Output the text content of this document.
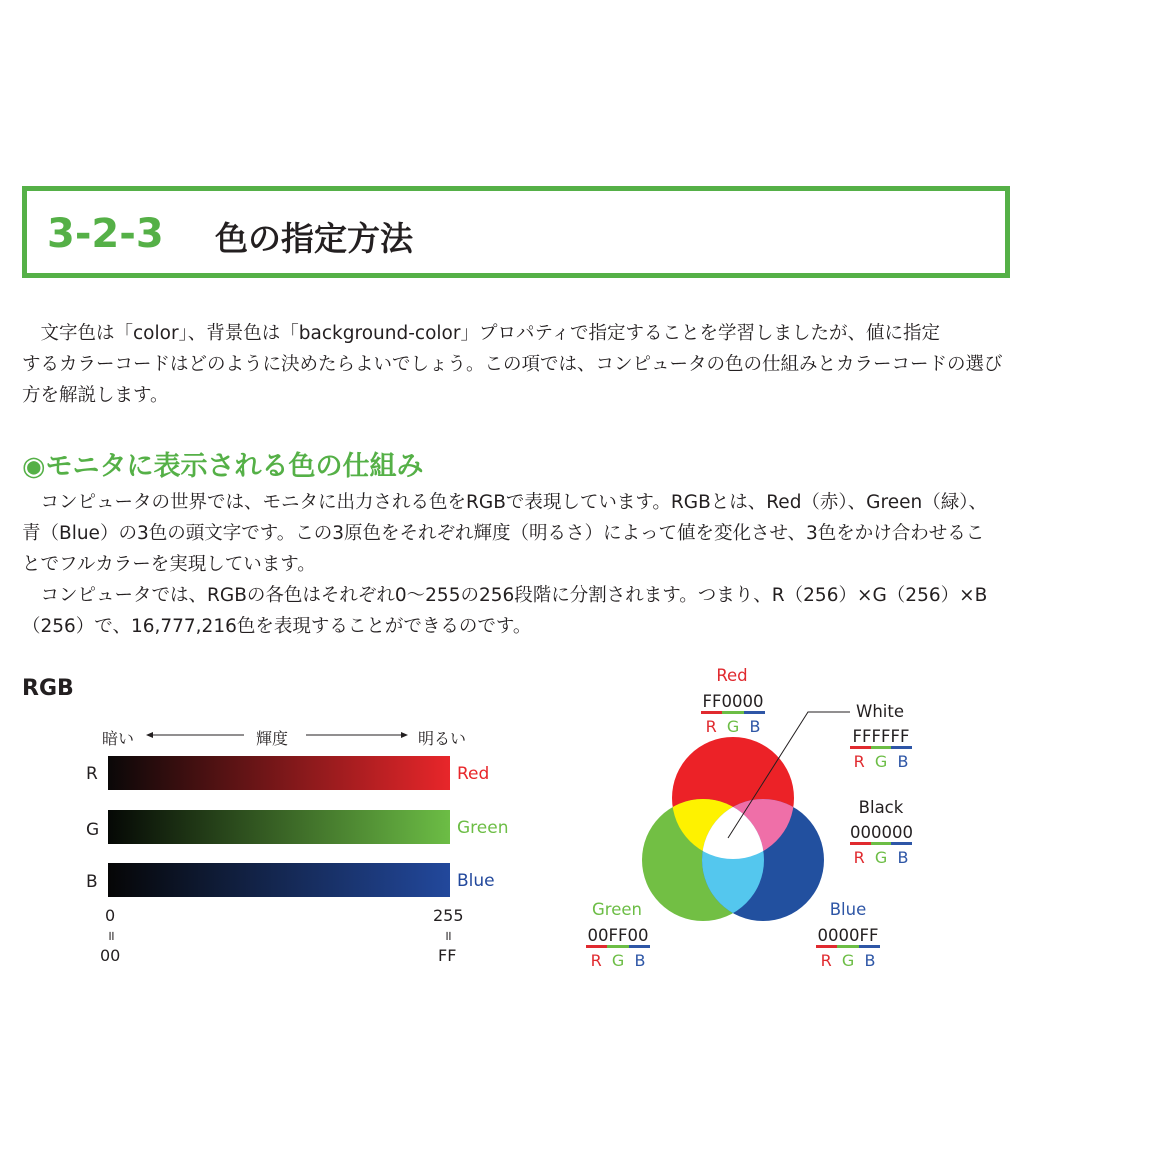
3-2-3 色の指定方法

　文字色は「color」、背景色は「background-color」プロパティで指定することを学習しましたが、値に指定

するカラーコードはどのように決めたらよいでしょう。この項では、コンピュータの色の仕組みとカラーコードの選び

方を解説します。

◉モニタに表示される色の仕組み

　コンピュータの世界では、モニタに出力される色をRGBで表現しています。RGBとは、Red（赤）、Green（緑）、

青（Blue）の3色の頭文字です。この3原色をそれぞれ輝度（明るさ）によって値を変化させ、3色をかけ合わせるこ

とでフルカラーを実現しています。

　コンピュータでは、RGBの各色はそれぞれ0～255の256段階に分割されます。つまり、R（256）×G（256）×B

（256）で、16,777,216色を表現することができるのです。

RGB
暗い	輝度	明るい
R	Red
G	Green
B	Blue
0
॥
00
255
॥
FF
Red
FF0000
R G B
White
FFFFFF
R G B
Black
000000
R G B
Green
00FF00
R G B
Blue
0000FF
R G B
